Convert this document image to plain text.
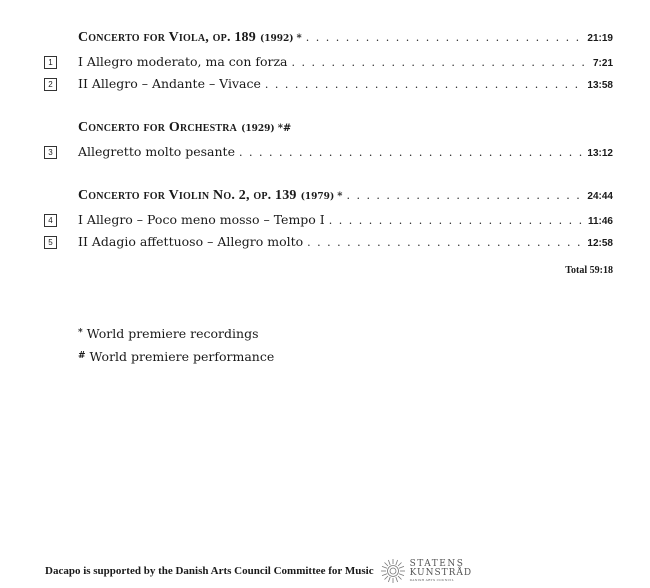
Concerto for Viola, op. 189 (1992) * . . .	21:19
1	I Allegro moderato, ma con forza . . .	7:21
2	II Allegro – Andante – Vivace . . .	13:58
Concerto for Orchestra (1929) *#
3	Allegretto molto pesante . . .	13:12
Concerto for Violin No. 2, op. 139 (1979) * . . .	24:44
4	I Allegro – Poco meno mosso – Tempo I . . .	11:46
5	II Adagio affettuoso – Allegro molto . . .	12:58
Total 59:18
* World premiere recordings
# World premiere performance
Dacapo is supported by the Danish Arts Council Committee for Music
STATENS
KUNSTRÅD
DANISH ARTS COUNCIL
